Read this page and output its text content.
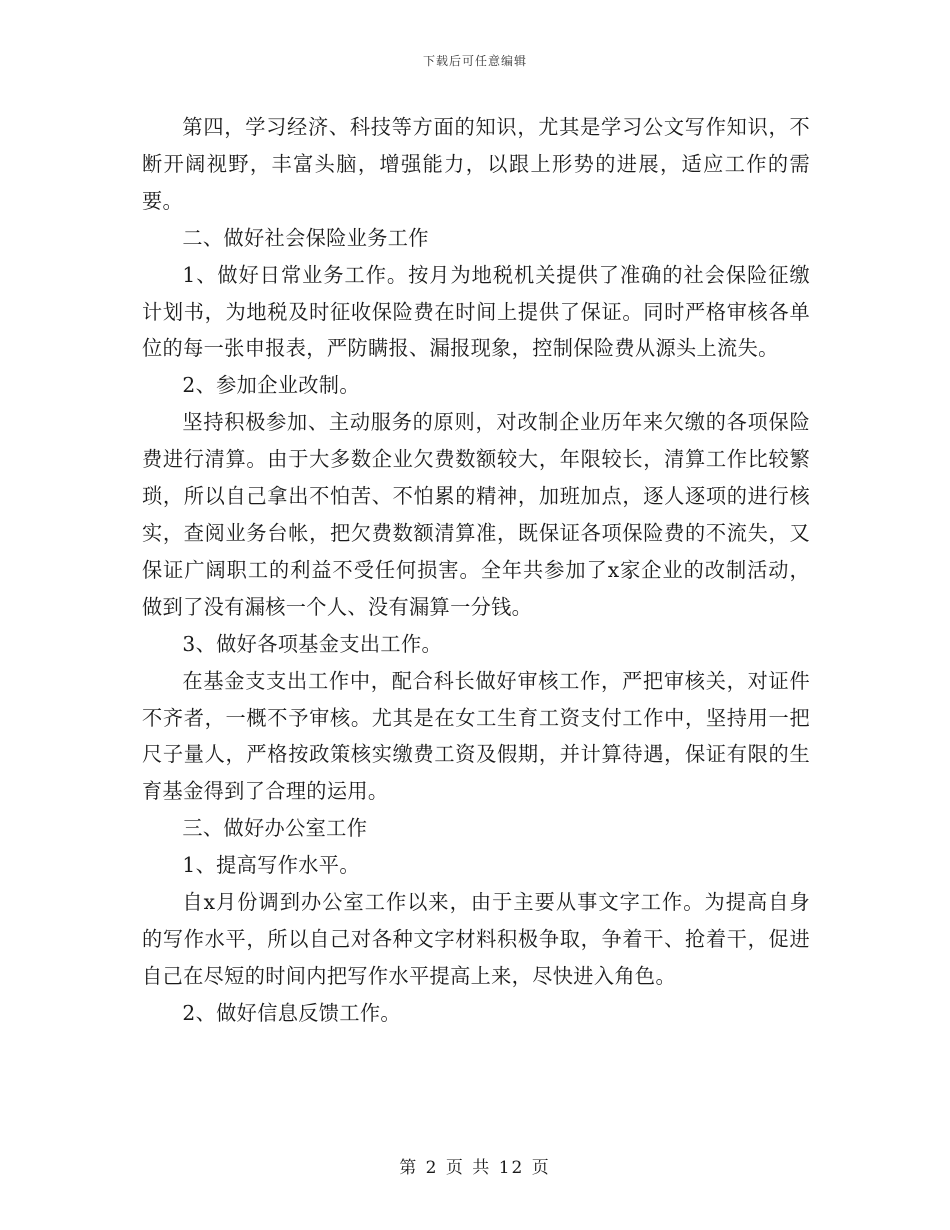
下载后可任意编辑

第四，学习经济、科技等方面的知识，尤其是学习公文写作知识，不断开阔视野，丰富头脑，增强能力，以跟上形势的进展，适应工作的需要。

二、做好社会保险业务工作

1、做好日常业务工作。按月为地税机关提供了准确的社会保险征缴计划书，为地税及时征收保险费在时间上提供了保证。同时严格审核各单位的每一张申报表，严防瞒报、漏报现象，控制保险费从源头上流失。

2、参加企业改制。

坚持积极参加、主动服务的原则，对改制企业历年来欠缴的各项保险费进行清算。由于大多数企业欠费数额较大，年限较长，清算工作比较繁琐，所以自己拿出不怕苦、不怕累的精神，加班加点，逐人逐项的进行核实，查阅业务台帐，把欠费数额清算准，既保证各项保险费的不流失，又保证广阔职工的利益不受任何损害。全年共参加了x家企业的改制活动，做到了没有漏核一个人、没有漏算一分钱。

3、做好各项基金支出工作。

在基金支支出工作中，配合科长做好审核工作，严把审核关，对证件不齐者，一概不予审核。尤其是在女工生育工资支付工作中，坚持用一把尺子量人，严格按政策核实缴费工资及假期，并计算待遇，保证有限的生育基金得到了合理的运用。

三、做好办公室工作

1、提高写作水平。

自x月份调到办公室工作以来，由于主要从事文字工作。为提高自身的写作水平，所以自己对各种文字材料积极争取，争着干、抢着干，促进自己在尽短的时间内把写作水平提高上来，尽快进入角色。

2、做好信息反馈工作。

第 2 页 共 12 页
